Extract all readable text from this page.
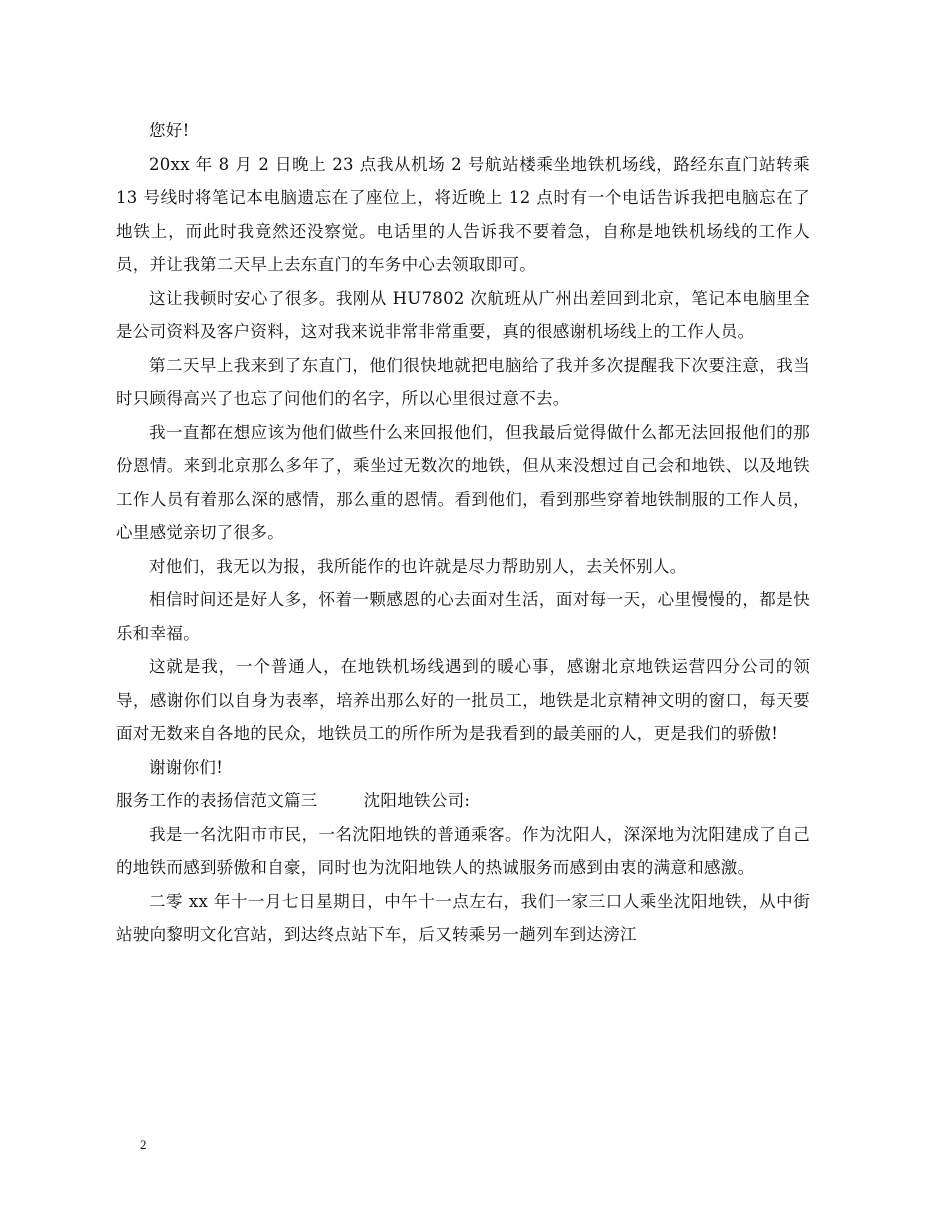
您好!

20xx 年 8 月 2 日晚上 23 点我从机场 2 号航站楼乘坐地铁机场线，路经东直门站转乘 13 号线时将笔记本电脑遗忘在了座位上，将近晚上 12 点时有一个电话告诉我把电脑忘在了地铁上，而此时我竟然还没察觉。电话里的人告诉我不要着急，自称是地铁机场线的工作人员，并让我第二天早上去东直门的车务中心去领取即可。

这让我顿时安心了很多。我刚从 HU7802 次航班从广州出差回到北京，笔记本电脑里全是公司资料及客户资料，这对我来说非常非常重要，真的很感谢机场线上的工作人员。

第二天早上我来到了东直门，他们很快地就把电脑给了我并多次提醒我下次要注意，我当时只顾得高兴了也忘了问他们的名字，所以心里很过意不去。

我一直都在想应该为他们做些什么来回报他们，但我最后觉得做什么都无法回报他们的那份恩情。来到北京那么多年了，乘坐过无数次的地铁，但从来没想过自己会和地铁、以及地铁工作人员有着那么深的感情，那么重的恩情。看到他们，看到那些穿着地铁制服的工作人员，心里感觉亲切了很多。

对他们，我无以为报，我所能作的也许就是尽力帮助别人，去关怀别人。

相信时间还是好人多，怀着一颗感恩的心去面对生活，面对每一天，心里慢慢的，都是快乐和幸福。

这就是我，一个普通人，在地铁机场线遇到的暖心事，感谢北京地铁运营四分公司的领导，感谢你们以自身为表率，培养出那么好的一批员工，地铁是北京精神文明的窗口，每天要面对无数来自各地的民众，地铁员工的所作所为是我看到的最美丽的人，更是我们的骄傲!

谢谢你们!

服务工作的表扬信范文篇三	沈阳地铁公司:

我是一名沈阳市市民，一名沈阳地铁的普通乘客。作为沈阳人，深深地为沈阳建成了自己的地铁而感到骄傲和自豪，同时也为沈阳地铁人的热诚服务而感到由衷的满意和感激。

二零 xx 年十一月七日星期日，中午十一点左右，我们一家三口人乘坐沈阳地铁，从中街站驶向黎明文化宫站，到达终点站下车，后又转乘另一趟列车到达滂江

2
